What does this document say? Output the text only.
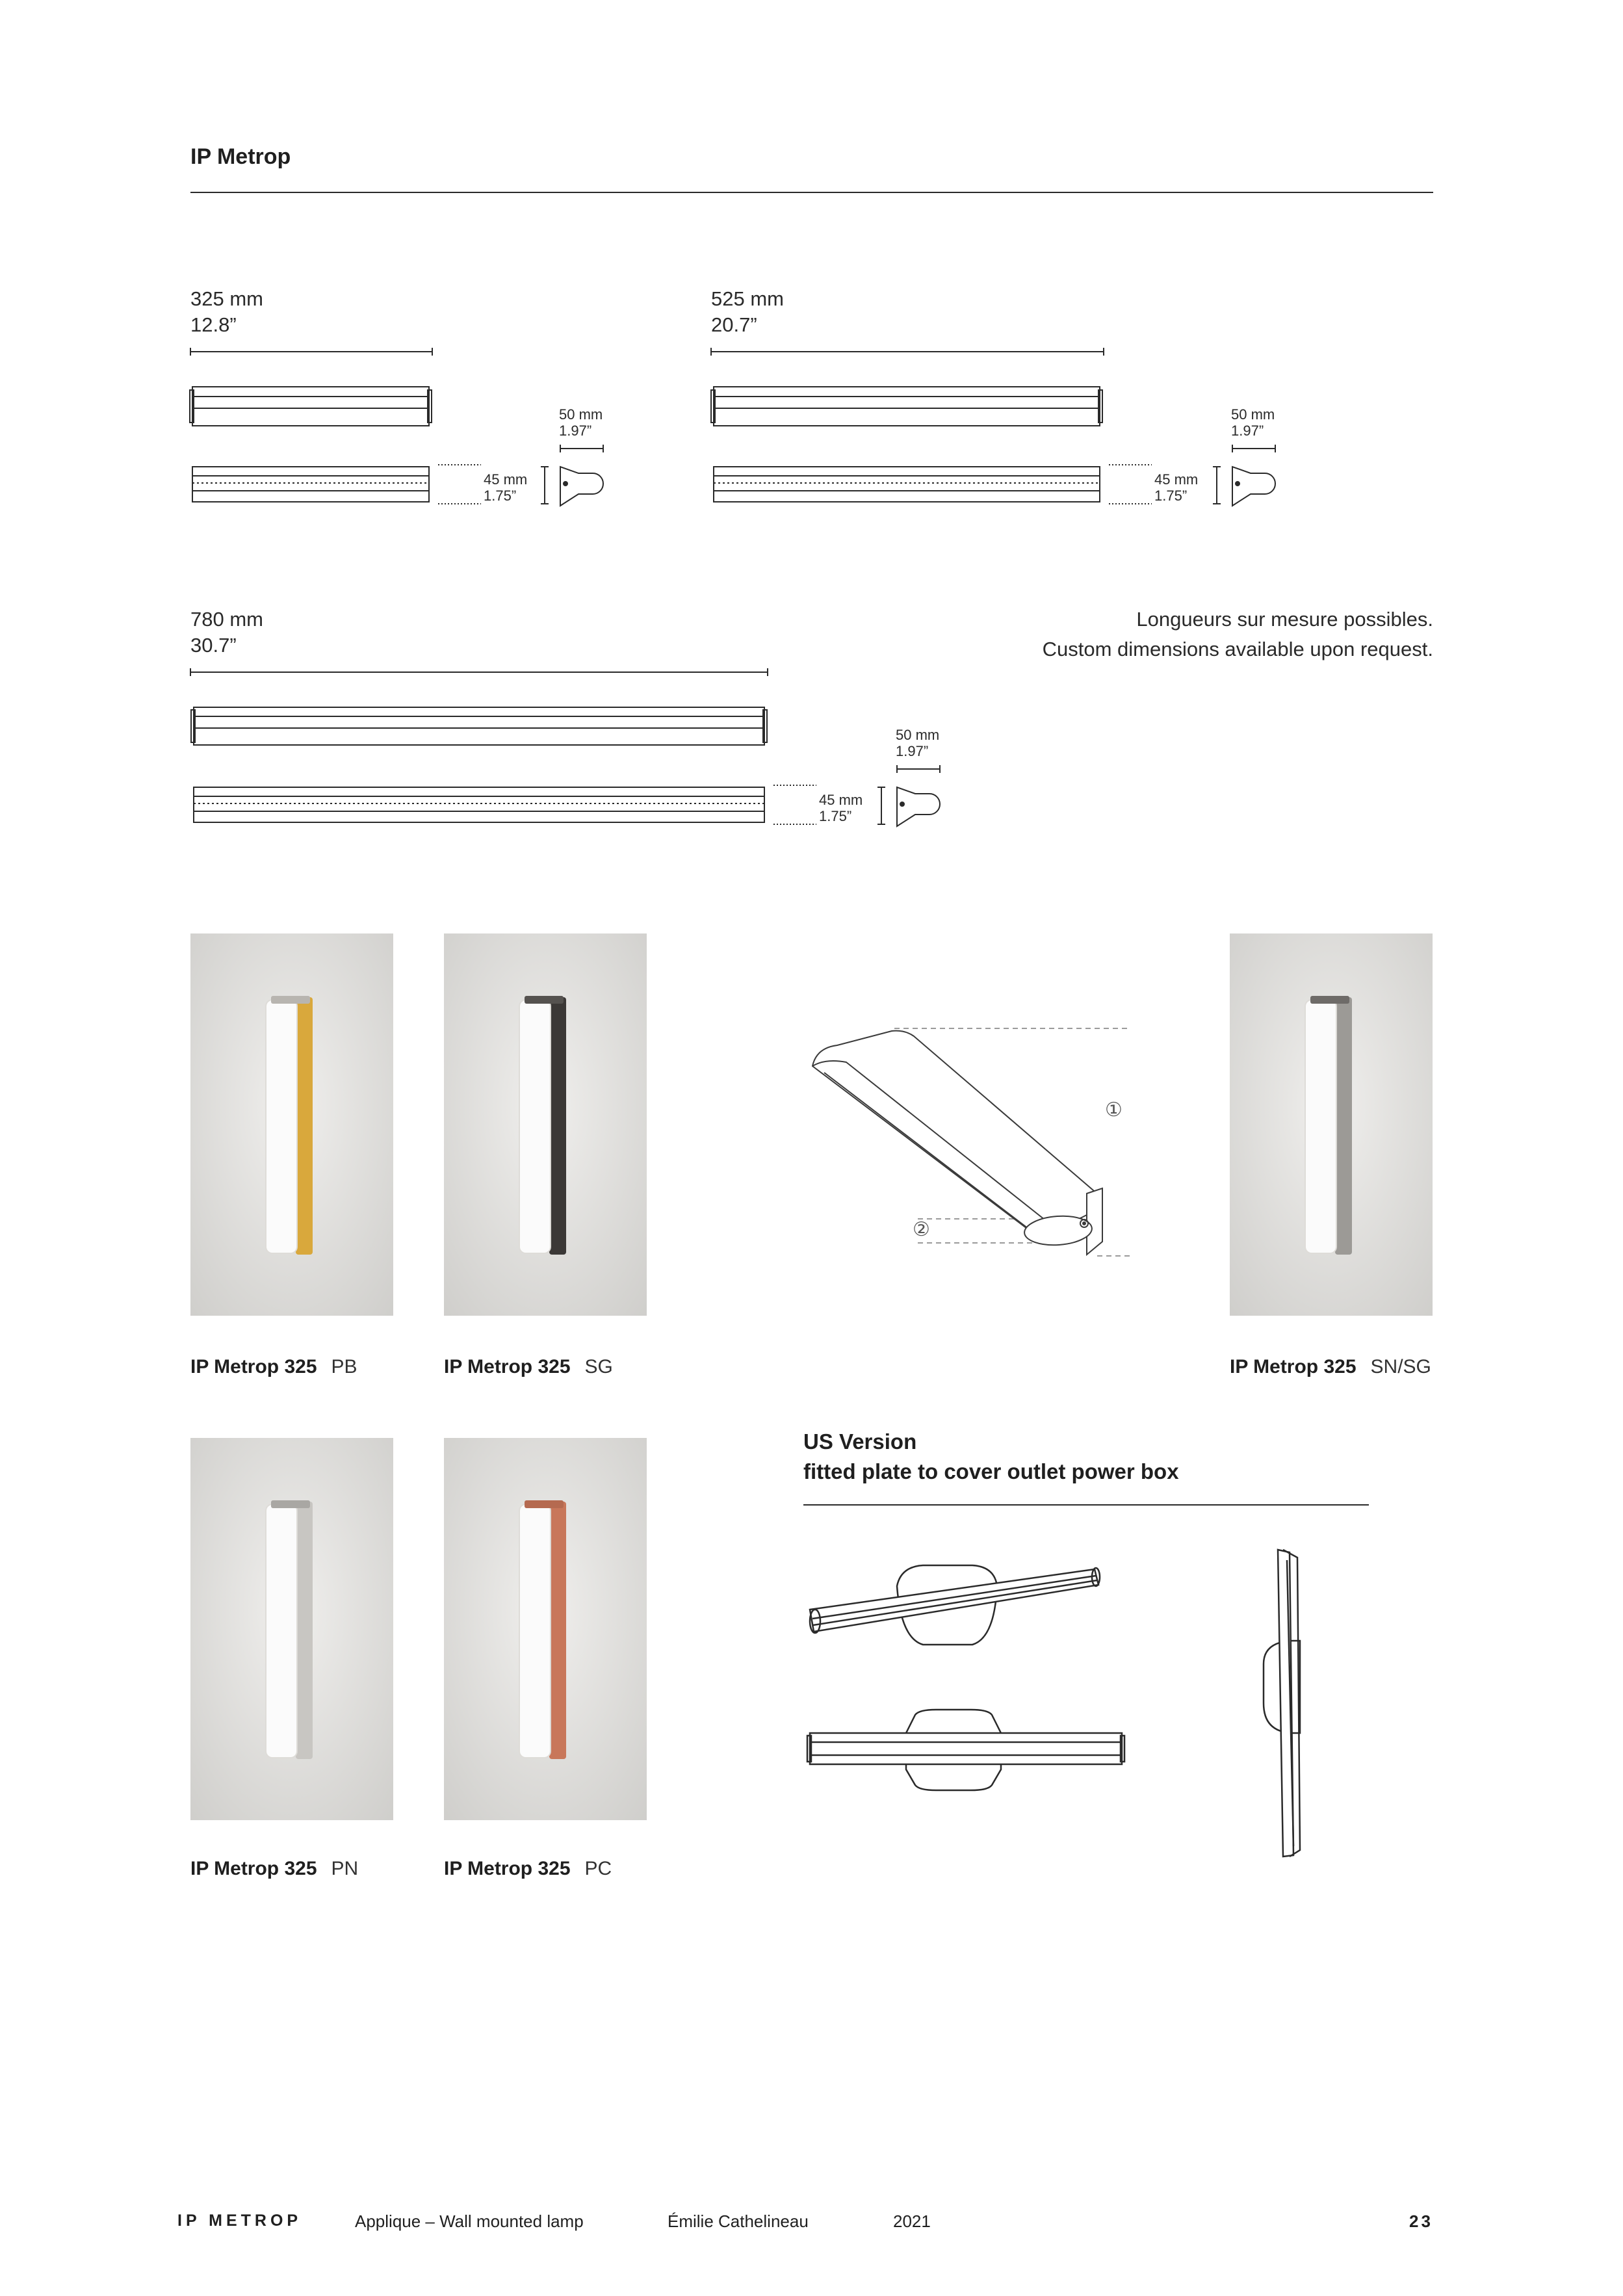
IP Metrop
325 mm
12.8”
50 mm
1.97”
45 mm
1.75”
525 mm
20.7”
50 mm
1.97”
45 mm
1.75”
780 mm
30.7”
50 mm
1.97”
45 mm
1.75”
Longueurs sur mesure possibles.
Custom dimensions available upon request.
IP Metrop 325 PB	IP Metrop 325 SG	IP Metrop 325 SN/SG
IP Metrop 325 PN	IP Metrop 325 PC
①
②
US Version
fitted plate to cover outlet power box
IP METROP	Applique – Wall mounted lamp	Émilie Cathelineau	2021	23
